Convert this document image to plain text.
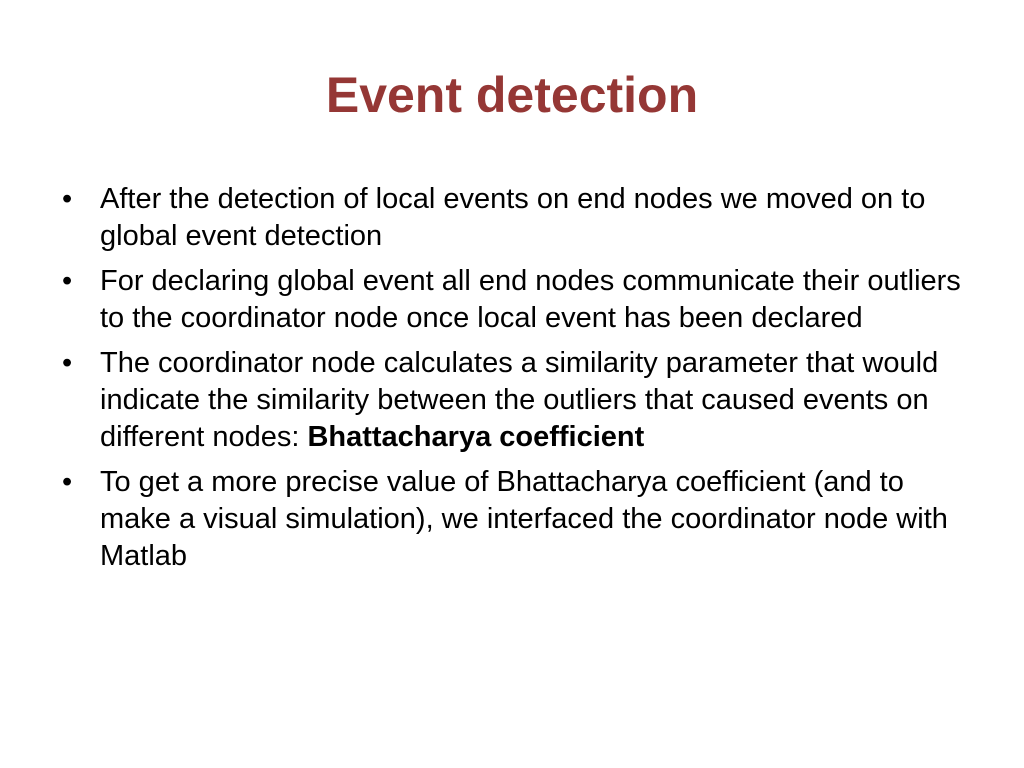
Event detection
• After the detection of local events on end nodes we moved on to global event detection
• For declaring global event all end nodes communicate their outliers to the coordinator node once local event has been declared
• The coordinator node calculates a similarity parameter that would indicate the similarity between the outliers that caused events on different nodes: Bhattacharya coefficient
• To get a more precise value of Bhattacharya coefficient (and to make a visual simulation), we interfaced the coordinator node with Matlab
